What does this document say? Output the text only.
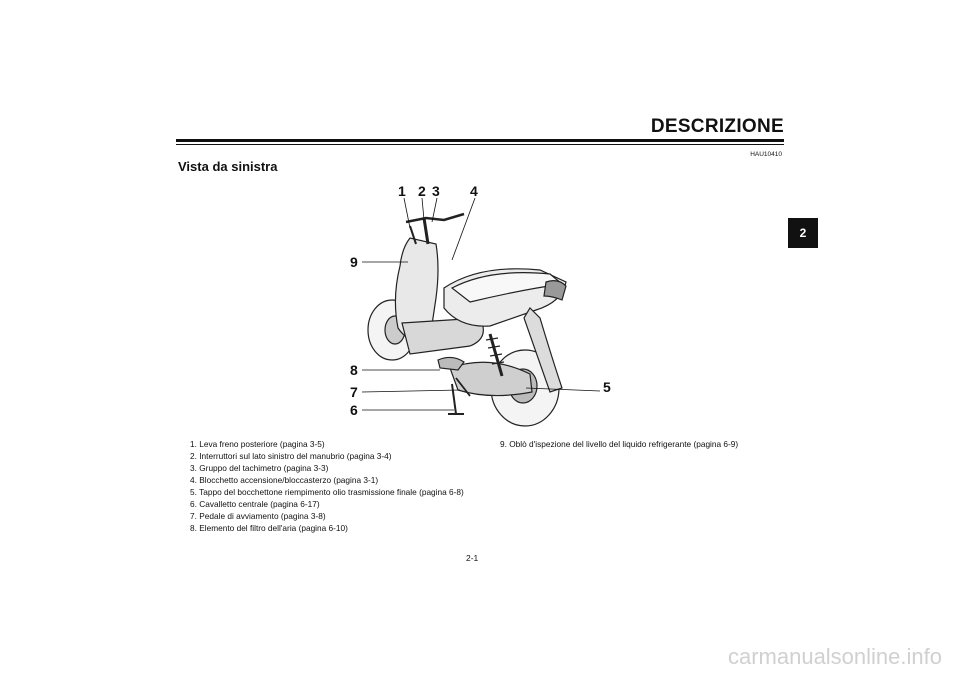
DESCRIZIONE
Vista da sinistra
HAU10410
2
1 2 3 4
5
6
7
8
9
1. Leva freno posteriore (pagina 3-5)
2. Interruttori sul lato sinistro del manubrio (pagina 3-4)
3. Gruppo del tachimetro (pagina 3-3)
4. Blocchetto accensione/bloccasterzo (pagina 3-1)
5. Tappo del bocchettone riempimento olio trasmissione finale (pagina 6-8)
6. Cavalletto centrale (pagina 6-17)
7. Pedale di avviamento (pagina 3-8)
8. Elemento del filtro dell'aria (pagina 6-10)
9. Oblò d'ispezione del livello del liquido refrigerante (pagina 6-9)
2-1
carmanualsonline.info
